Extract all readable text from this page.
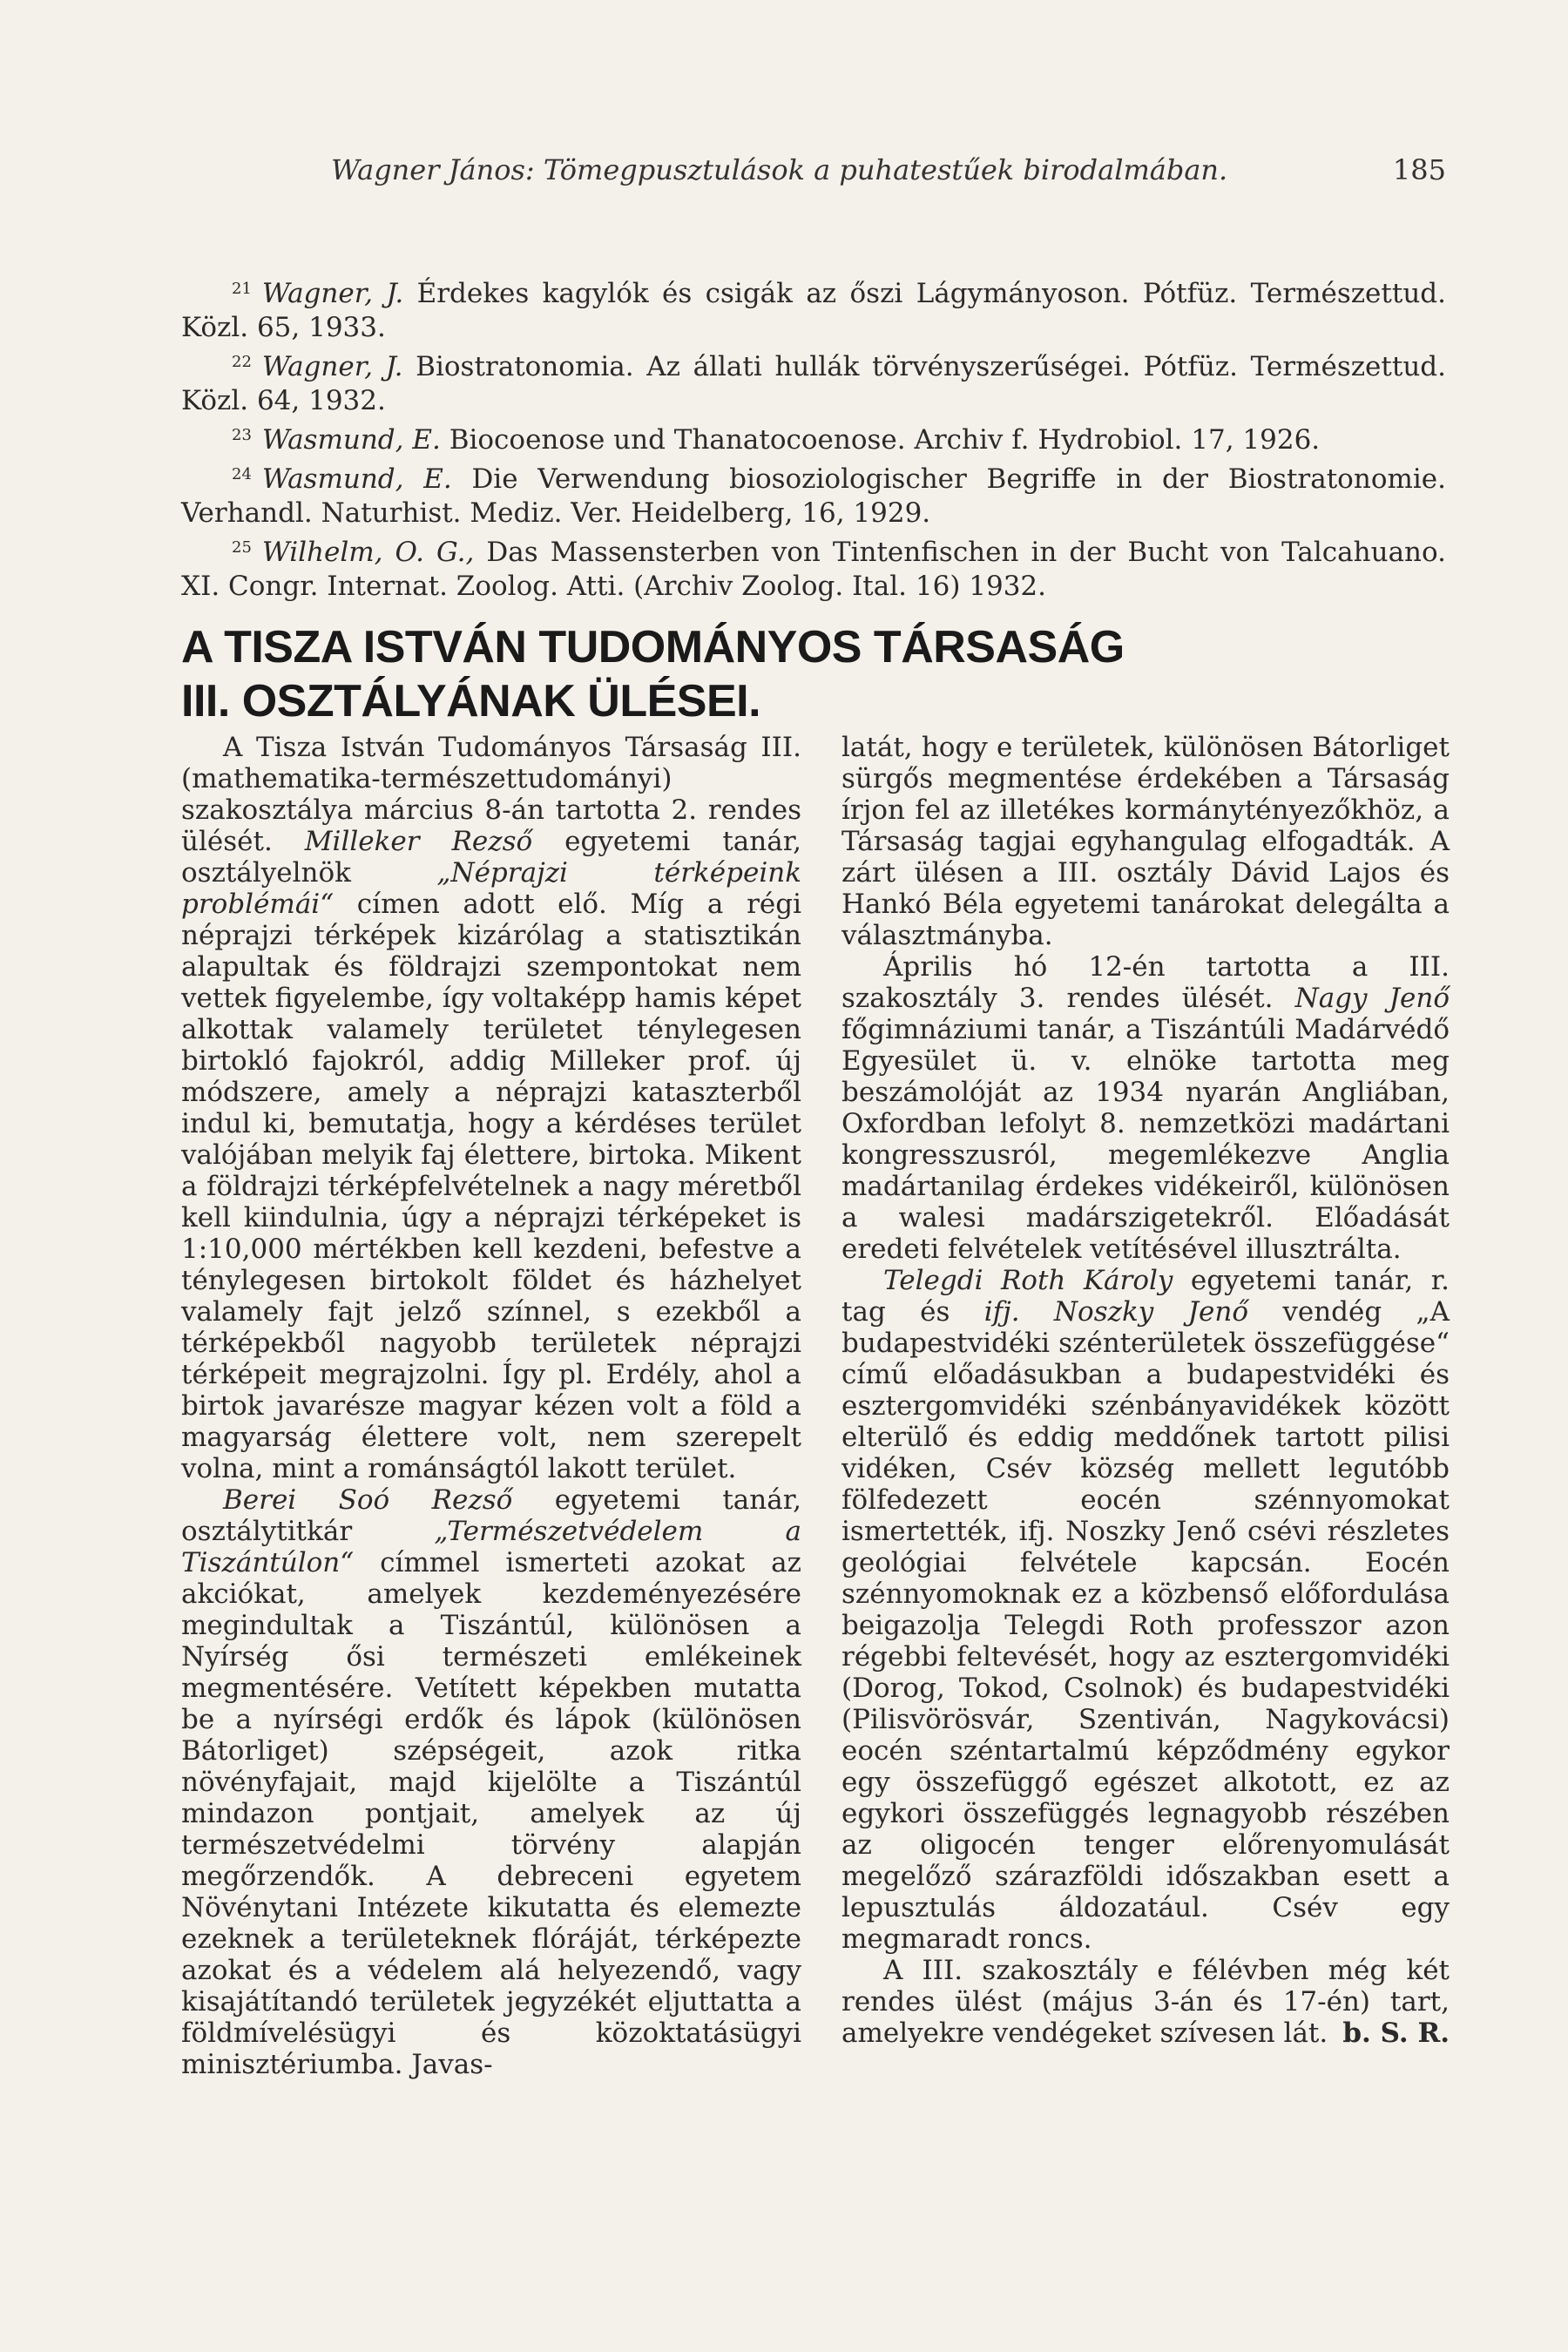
Wagner János: Tömegpusztulások a puhatestűek birodalmában.	185

$^{21}$ Wagner, J. Érdekes kagylók és csigák az őszi Lágymányoson. Pótfüz. Természettud. Közl. 65, 1933.

$^{22}$ Wagner, J. Biostratonomia. Az állati hullák törvényszerűségei. Pótfüz. Természettud. Közl. 64, 1932.

$^{23}$ Wasmund, E. Biocoenose und Thanatocoenose. Archiv f. Hydrobiol. 17, 1926.

$^{24}$ Wasmund, E. Die Verwendung biosoziologischer Begriffe in der Biostratonomie. Verhandl. Naturhist. Mediz. Ver. Heidelberg, 16, 1929.

$^{25}$ Wilhelm, O. G., Das Massensterben von Tintenfischen in der Bucht von Talcahuano. XI. Congr. Internat. Zoolog. Atti. (Archiv Zoolog. Ital. 16) 1932.

A TISZA ISTVÁN TUDOMÁNYOS TÁRSASÁG
III. OSZTÁLYÁNAK ÜLÉSEI.

A Tisza István Tudományos Társaság III. (mathematika-természettudományi) szakosztálya március 8-án tartotta 2. rendes ülését. Milleker Rezső egyetemi tanár, osztályelnök „Néprajzi térképeink problémái“ címen adott elő. Míg a régi néprajzi térképek kizárólag a statisztikán alapultak és földrajzi szempontokat nem vettek figyelembe, így voltaképp hamis képet alkottak valamely területet ténylegesen birtokló fajokról, addig Milleker prof. új módszere, amely a néprajzi kataszterből indul ki, bemutatja, hogy a kérdéses terület valójában melyik faj élettere, birtoka. Mikent a földrajzi térképfelvételnek a nagy méretből kell kiindulnia, úgy a néprajzi térképeket is 1:10,000 mértékben kell kezdeni, befestve a ténylegesen birtokolt földet és házhelyet valamely fajt jelző színnel, s ezekből a térképekből nagyobb területek néprajzi térképeit megrajzolni. Így pl. Erdély, ahol a birtok javarésze magyar kézen volt a föld a magyarság élettere volt, nem szerepelt volna, mint a románságtól lakott terület.

Berei Soó Rezső egyetemi tanár, osztálytitkár „Természetvédelem a Tiszántúlon“ címmel ismerteti azokat az akciókat, amelyek kezdeményezésére megindultak a Tiszántúl, különösen a Nyírség ősi természeti emlékeinek megmentésére. Vetített képekben mutatta be a nyírségi erdők és lápok (különösen Bátorliget) szépségeit, azok ritka növényfajait, majd kijelölte a Tiszántúl mindazon pontjait, amelyek az új természetvédelmi törvény alapján megőrzendők. A debreceni egyetem Növénytani Intézete kikutatta és elemezte ezeknek a területeknek flóráját, térképezte azokat és a védelem alá helyezendő, vagy kisajátítandó területek jegyzékét eljuttatta a földmívelésügyi és közoktatásügyi minisztériumba. Javas-

latát, hogy e területek, különösen Bátorliget sürgős megmentése érdekében a Társaság írjon fel az illetékes kormánytényezőkhöz, a Társaság tagjai egyhangulag elfogadták. A zárt ülésen a III. osztály Dávid Lajos és Hankó Béla egyetemi tanárokat delegálta a választmányba.

Április hó 12-én tartotta a III. szakosztály 3. rendes ülését. Nagy Jenő főgimnáziumi tanár, a Tiszántúli Madárvédő Egyesület ü. v. elnöke tartotta meg beszámolóját az 1934 nyarán Angliában, Oxfordban lefolyt 8. nemzetközi madártani kongresszusról, megemlékezve Anglia madártanilag érdekes vidékeiről, különösen a walesi madárszigetekről. Előadását eredeti felvételek vetítésével illusztrálta.

Telegdi Roth Károly egyetemi tanár, r. tag és ifj. Noszky Jenő vendég „A budapestvidéki szénterületek összefüggése“ című előadásukban a budapestvidéki és esztergomvidéki szénbányavidékek között elterülő és eddig meddőnek tartott pilisi vidéken, Csév község mellett legutóbb fölfedezett eocén szénnyomokat ismertették, ifj. Noszky Jenő csévi részletes geológiai felvétele kapcsán. Eocén szénnyomoknak ez a közbenső előfordulása beigazolja Telegdi Roth professzor azon régebbi feltevését, hogy az esztergomvidéki (Dorog, Tokod, Csolnok) és budapestvidéki (Pilisvörösvár, Szentiván, Nagykovácsi) eocén széntartalmú képződmény egykor egy összefüggő egészet alkotott, ez az egykori összefüggés legnagyobb részében az oligocén tenger előrenyomulását megelőző szárazföldi időszakban esett a lepusztulás áldozatául. Csév egy megmaradt roncs.

A III. szakosztály e félévben még két rendes ülést (május 3-án és 17-én) tart, amelyekre vendégeket szívesen lát. b. S. R.
